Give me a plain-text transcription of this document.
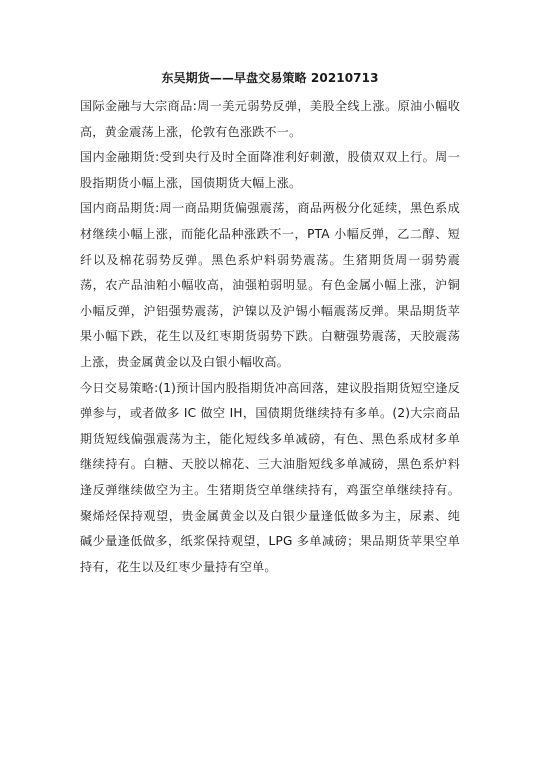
东吴期货——早盘交易策略 20210713

国际金融与大宗商品:周一美元弱势反弹，美股全线上涨。原油小幅收高，黄金震荡上涨，伦敦有色涨跌不一。

国内金融期货:受到央行及时全面降准利好刺激，股债双双上行。周一股指期货小幅上涨，国债期货大幅上涨。

国内商品期货:周一商品期货偏强震荡，商品两极分化延续，黑色系成材继续小幅上涨，而能化品种涨跌不一，PTA 小幅反弹，乙二醇、短纤以及棉花弱势反弹。黑色系炉料弱势震荡。生猪期货周一弱势震荡，农产品油粕小幅收高，油强粕弱明显。有色金属小幅上涨，沪铜小幅反弹，沪铝强势震荡，沪镍以及沪锡小幅震荡反弹。果品期货苹果小幅下跌，花生以及红枣期货弱势下跌。白糖强势震荡，天胶震荡上涨，贵金属黄金以及白银小幅收高。

今日交易策略:(1)预计国内股指期货冲高回落，建议股指期货短空逢反弹参与，或者做多 IC 做空 IH，国债期货继续持有多单。(2)大宗商品期货短线偏强震荡为主，能化短线多单减磅，有色、黑色系成材多单继续持有。白糖、天胶以棉花、三大油脂短线多单减磅，黑色系炉料逢反弹继续做空为主。生猪期货空单继续持有，鸡蛋空单继续持有。聚烯烃保持观望，贵金属黄金以及白银少量逢低做多为主，尿素、纯碱少量逢低做多，纸浆保持观望，LPG 多单减磅；果品期货苹果空单持有，花生以及红枣少量持有空单。
